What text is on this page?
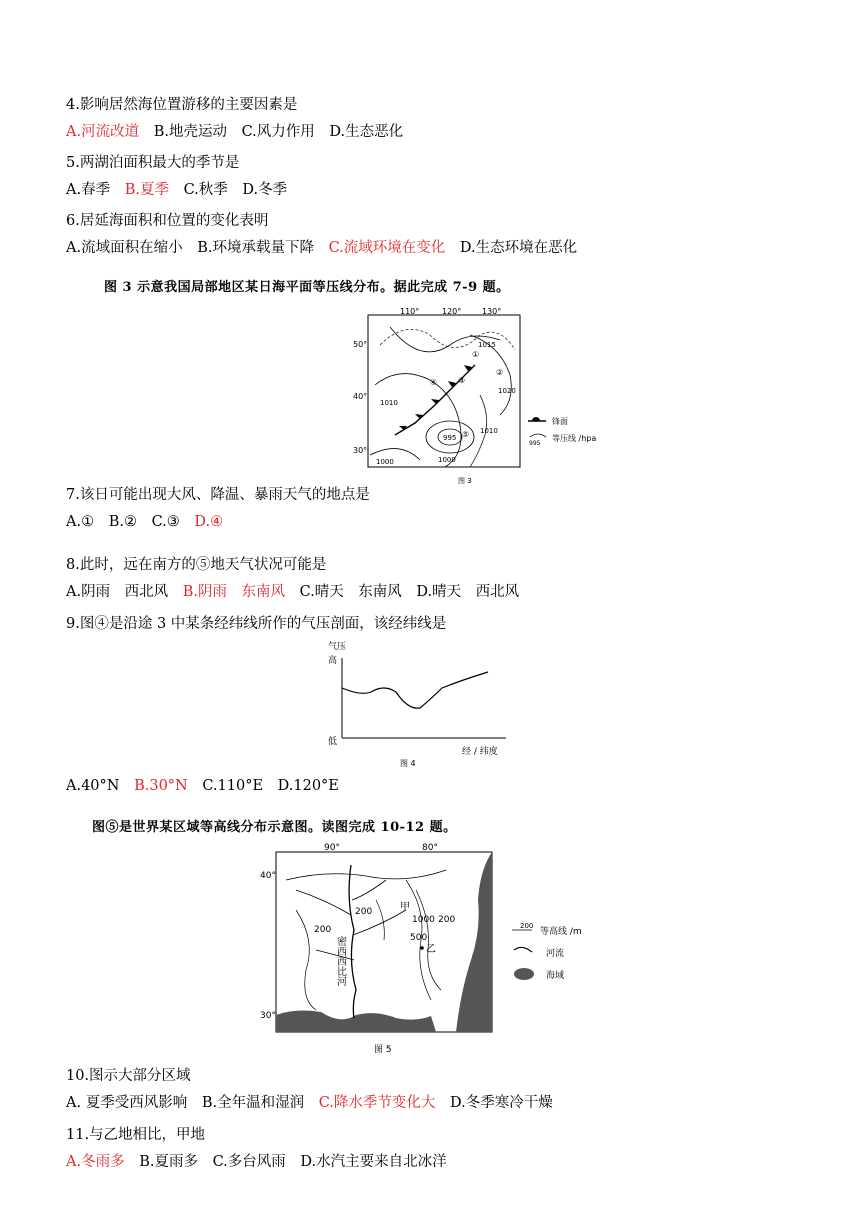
4.影响居然海位置游移的主要因素是
A.河流改道 B.地壳运动 C.风力作用 D.生态恶化
5.两湖泊面积最大的季节是
A.春季 B.夏季 C.秋季 D.冬季
6.居延海面积和位置的变化表明
A.流域面积在缩小 B.环境承载量下降 C.流域环境在变化 D.生态环境在恶化
图 3 示意我国局部地区某日海平面等压线分布。据此完成 7-9 题。
110°	120°	130°
50°
40°
30°
1015
1010
1020
1010
995
1000
1000
①
②
③
④
⑤
锋面
995
等压线 /hpa
图 3
7.该日可能出现大风、降温、暴雨天气的地点是
A.① B.② C.③ D.④
8.此时，远在南方的⑤地天气状况可能是
A.阴雨　西北风 B.阴雨　东南风 C.晴天　东南风 D.晴天　西北风
9.图④是沿途 3 中某条经纬线所作的气压剖面，该经纬线是
气压
高
低
经 / 纬度
图 4
A.40°N B.30°N C.110°E D.120°E
图⑤是世界某区域等高线分布示意图。读图完成 10-12 题。
90°	80°
40°
30°
200
1000 200
200
500
甲
乙
密西西比河
200
等高线 /m
河流
海域
图 5
10.图示大部分区域
A. 夏季受西风影响 B.全年温和湿润 C.降水季节变化大 D.冬季寒冷干燥
11.与乙地相比，甲地
A.冬雨多 B.夏雨多 C.多台风雨 D.水汽主要来自北冰洋
